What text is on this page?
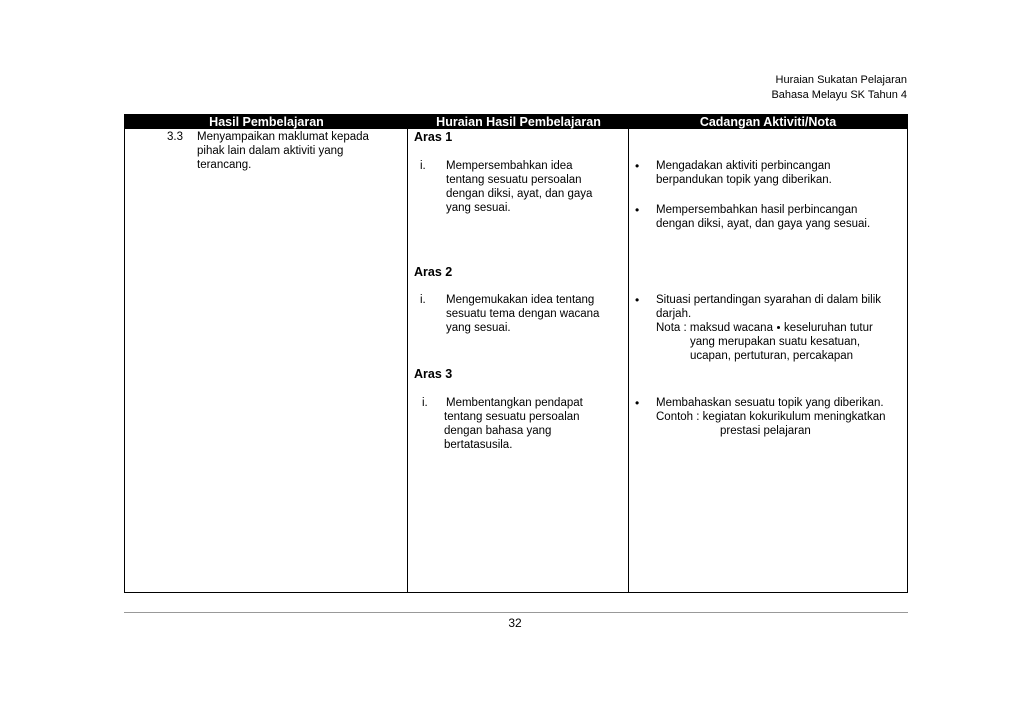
Huraian Sukatan Pelajaran
Bahasa Melayu SK Tahun 4
Hasil Pembelajaran	Huraian Hasil Pembelajaran	Cadangan Aktiviti/Nota
3.3 Menyampaikan maklumat kepada
pihak lain dalam aktiviti yang
terancang.
Aras 1
i. Mempersembahkan idea
tentang sesuatu persoalan
dengan diksi, ayat, dan gaya
yang sesuai.
• Mengadakan aktiviti perbincangan
berpandukan topik yang diberikan.
• Mempersembahkan hasil perbincangan
dengan diksi, ayat, dan gaya yang sesuai.
Aras 2
i. Mengemukakan idea tentang
sesuatu tema dengan wacana
yang sesuai.
• Situasi pertandingan syarahan di dalam bilik
darjah.
Nota : maksud wacana keseluruhan tutur
yang merupakan suatu kesatuan,
ucapan, pertuturan, percakapan
Aras 3
i. Membentangkan pendapat
tentang sesuatu persoalan
dengan bahasa yang
bertatasusila.
• Membahaskan sesuatu topik yang diberikan.
Contoh : kegiatan kokurikulum meningkatkan
prestasi pelajaran
32
